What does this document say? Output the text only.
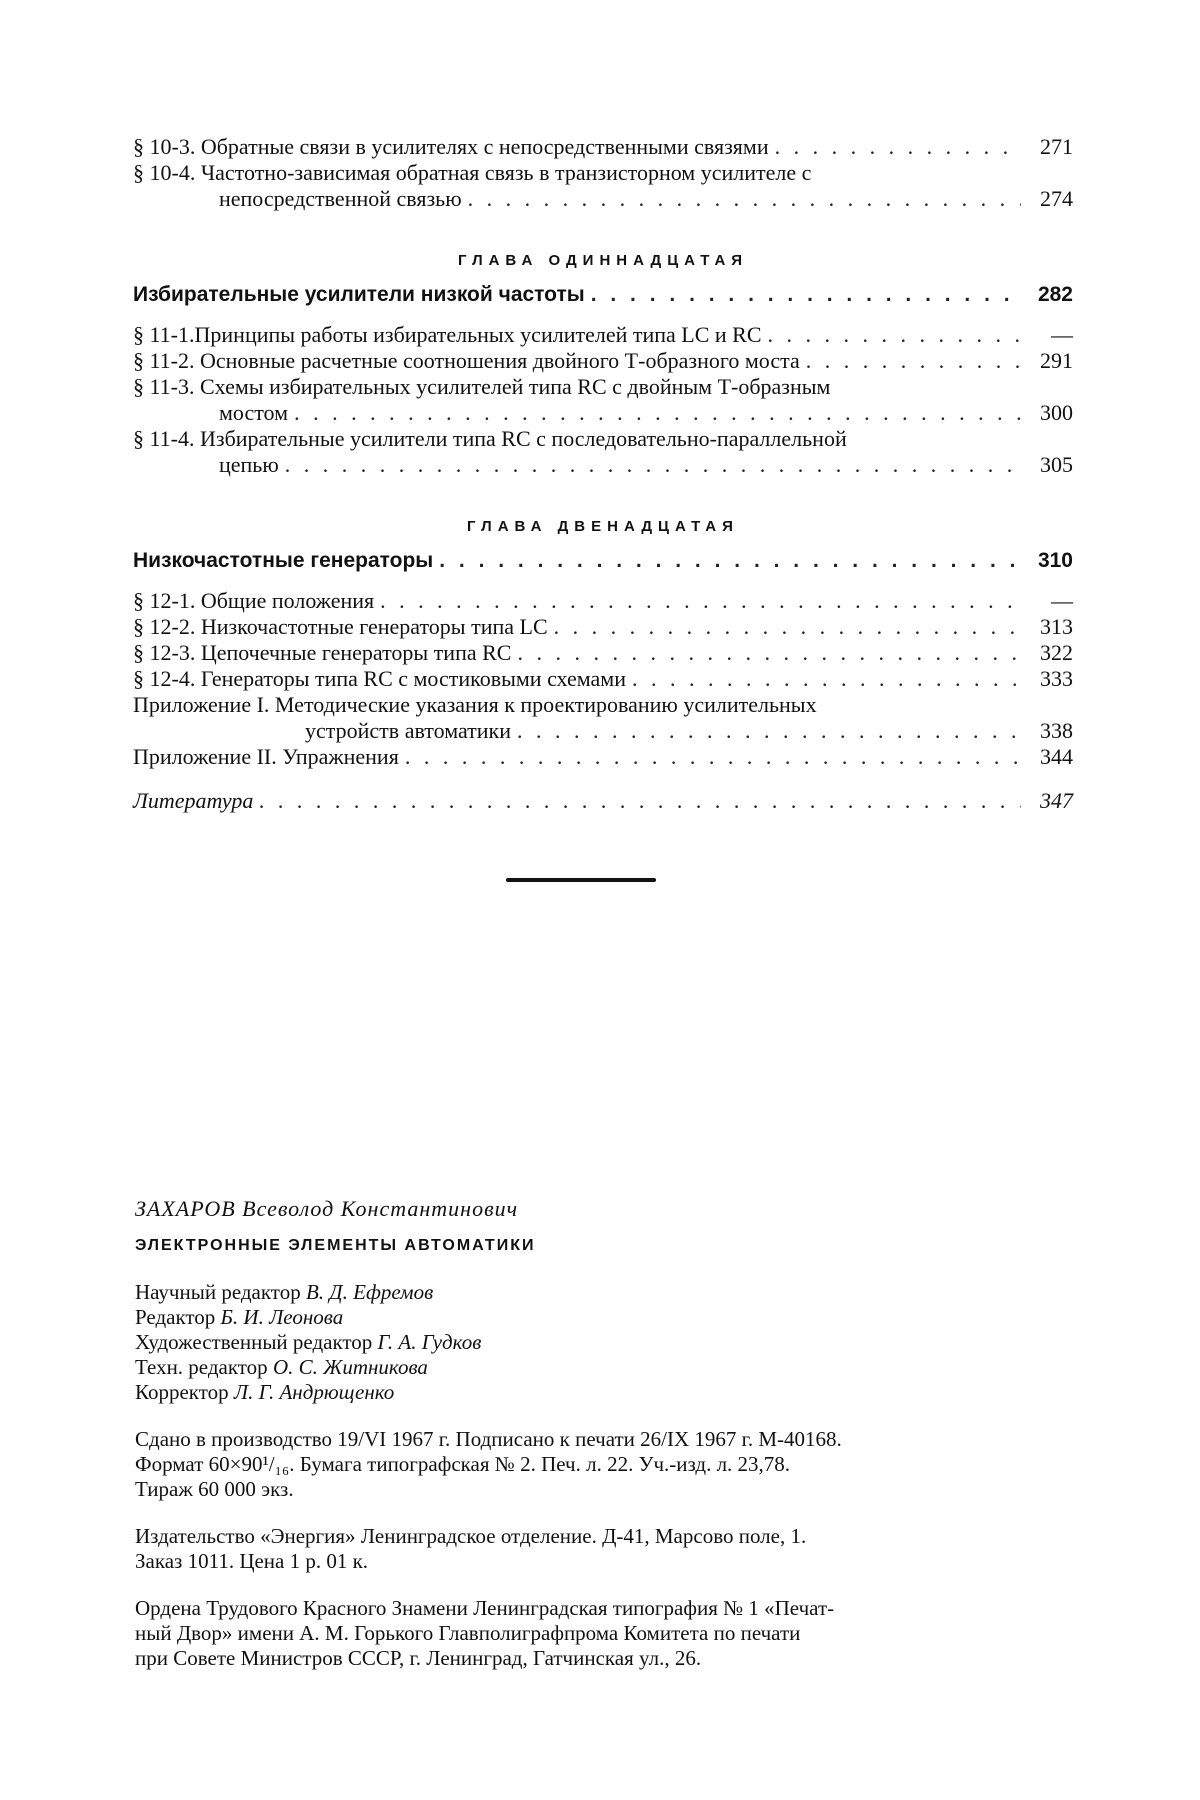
§ 10-3. Обратные связи в усилителях с непосредственными связями . . .	271
§ 10-4. Частотно-зависимая обратная связь в транзисторном усилителе с
непосредственной связью . . .	274
ГЛАВА ОДИННАДЦАТАЯ
Избирательные усилители низкой частоты . . .	282
§ 11-1.Принципы работы избирательных усилителей типа LC и RC . . .	—
§ 11-2. Основные расчетные соотношения двойного Т-образного моста . . .	291
§ 11-3. Схемы избирательных усилителей типа RC с двойным Т-образным
мостом . . .	300
§ 11-4. Избирательные усилители типа RC с последовательно-параллельной
цепью . . .	305
ГЛАВА ДВЕНАДЦАТАЯ
Низкочастотные генераторы . . .	310
§ 12-1. Общие положения . . .	—
§ 12-2. Низкочастотные генераторы типа LC . . .	313
§ 12-3. Цепочечные генераторы типа RC . . .	322
§ 12-4. Генераторы типа RC с мостиковыми схемами . . .	333
Приложение I. Методические указания к проектированию усилительных
устройств автоматики . . .	338
Приложение II. Упражнения . . .	344
Литература . . .	347
ЗАХАРОВ Всеволод Константинович
ЭЛЕКТРОННЫЕ ЭЛЕМЕНТЫ АВТОМАТИКИ
Научный редактор В. Д. Ефремов
Редактор Б. И. Леонова
Художественный редактор Г. А. Гудков
Техн. редактор О. С. Житникова
Корректор Л. Г. Андрющенко
Сдано в производство 19/VI 1967 г. Подписано к печати 26/IX 1967 г. М-40168.
Формат 60×90¹/₁₆. Бумага типографская № 2. Печ. л. 22. Уч.-изд. л. 23,78.
Тираж 60 000 экз.
Издательство «Энергия» Ленинградское отделение. Д-41, Марсово поле, 1.
Заказ 1011. Цена 1 р. 01 к.
Ордена Трудового Красного Знамени Ленинградская типография № 1 «Печат-
ный Двор» имени А. М. Горького Главполиграфпрома Комитета по печати
при Совете Министров СССР, г. Ленинград, Гатчинская ул., 26.
